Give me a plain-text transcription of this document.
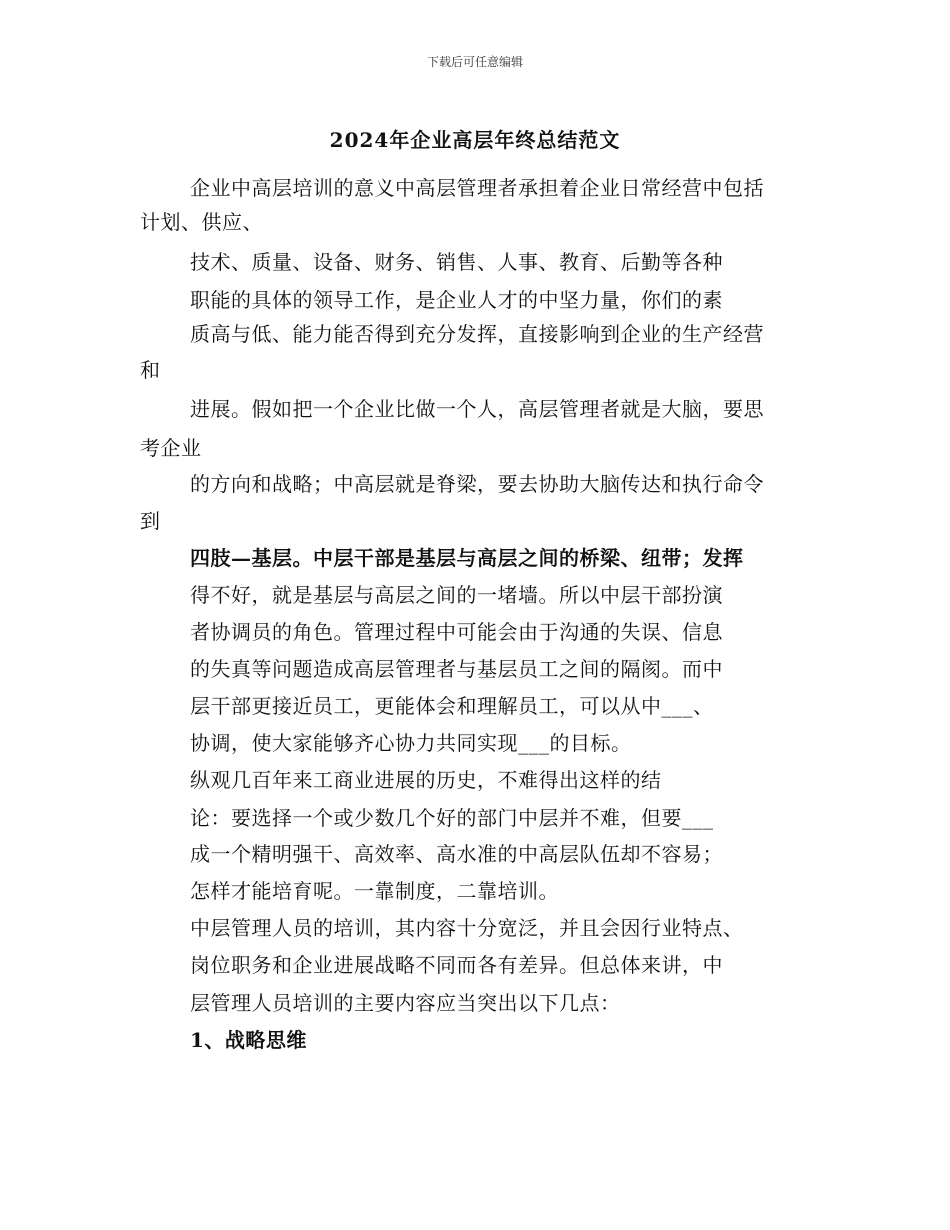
下载后可任意编辑
2024年企业高层年终总结范文
企业中高层培训的意义中高层管理者承担着企业日常经营中包括
计划、供应、
技术、质量、设备、财务、销售、人事、教育、后勤等各种
职能的具体的领导工作，是企业人才的中坚力量，你们的素
质高与低、能力能否得到充分发挥，直接影响到企业的生产经营
和
进展。假如把一个企业比做一个人，高层管理者就是大脑，要思
考企业
的方向和战略；中高层就是脊梁，要去协助大脑传达和执行命令
到
四肢—基层。中层干部是基层与高层之间的桥梁、纽带；发挥
得不好，就是基层与高层之间的一堵墙。所以中层干部扮演
者协调员的角色。管理过程中可能会由于沟通的失误、信息
的失真等问题造成高层管理者与基层员工之间的隔阂。而中
层干部更接近员工，更能体会和理解员工，可以从中___、
协调，使大家能够齐心协力共同实现___的目标。
纵观几百年来工商业进展的历史，不难得出这样的结
论：要选择一个或少数几个好的部门中层并不难，但要___
成一个精明强干、高效率、高水准的中高层队伍却不容易；
怎样才能培育呢。一靠制度，二靠培训。
中层管理人员的培训，其内容十分宽泛，并且会因行业特点、
岗位职务和企业进展战略不同而各有差异。但总体来讲，中
层管理人员培训的主要内容应当突出以下几点：
1、战略思维
